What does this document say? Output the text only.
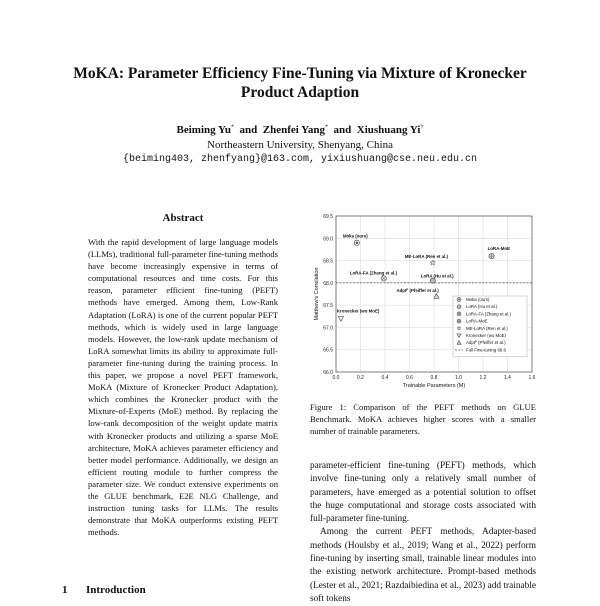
MoKA: Parameter Efficiency Fine-Tuning via Mixture of Kronecker Product Adaption
Beiming Yu* and Zhenfei Yang* and Xiushuang Yi†
Northeastern University, Shenyang, China
{beiming403, zhenfyang}@163.com, yixiushuang@cse.neu.edu.cn
Abstract
With the rapid development of large language models (LLMs), traditional full-parameter fine-tuning methods have become increasingly expensive in terms of computational resources and time costs. For this reason, parameter efficient fine-tuning (PEFT) methods have emerged. Among them, Low-Rank Adaptation (LoRA) is one of the current popular PEFT methods, which is widely used in large language models. However, the low-rank update mechanism of LoRA somewhat limits its ability to approximate full-parameter fine-tuning during the training process. In this paper, we propose a novel PEFT framework, MoKA (Mixture of Kronecker Product Adaptation), which combines the Kronecker product with the Mixture-of-Experts (MoE) method. By replacing the low-rank decomposition of the weight update matrix with Kronecker products and utilizing a sparse MoE architecture, MoKA achieves parameter efficiency and better model performance. Additionally, we design an efficient routing module to further compress the parameter size. We conduct extensive experiments on the GLUE benchmark, E2E NLG Challenge, and instruction tuning tasks for LLMs. The results demonstrate that MoKA outperforms existing PEFT methods.
1 Introduction
66.0
66.5
67.0
67.5
68.0
68.5
69.0
69.5
0.0	0.2	0.4	0.6	0.8	1.0	1.2	1.4	1.6
Trainable Parameters (M)
Matthew's Correlation
Moka (ours)
LoRA (Hu et al.)
LoRA-FA (Zhang et al.)
LoRA-MoE
ME-LoRA (Ren et al.)
Kronecker (wo MoE)
Adptᴾ (Pfeiffer et al.)
Moka (ours)
LoRA (Hu et al.)
LoRA-FA (Zhang et al.)
LoRA-MoE
ME-LoRA (Ren et al.)
Kronecker (wo MoE)
Adptᴾ (Pfeiffer et al.)
Full Fine-tuning 68.0
Figure 1: Comparison of the PEFT methods on GLUE Benchmark. MoKA achieves higher scores with a smaller number of trainable parameters.

parameter-efficient fine-tuning (PEFT) methods, which involve fine-tuning only a relatively small number of parameters, have emerged as a potential solution to offset the huge computational and storage costs associated with full-parameter fine-tuning.

Among the current PEFT methods, Adapter-based methods (Houlsby et al., 2019; Wang et al., 2022) perform fine-tuning by inserting small, trainable linear modules into the existing network architecture. Prompt-based methods (Lester et al., 2021; Razdaibiedina et al., 2023) add trainable soft tokens
